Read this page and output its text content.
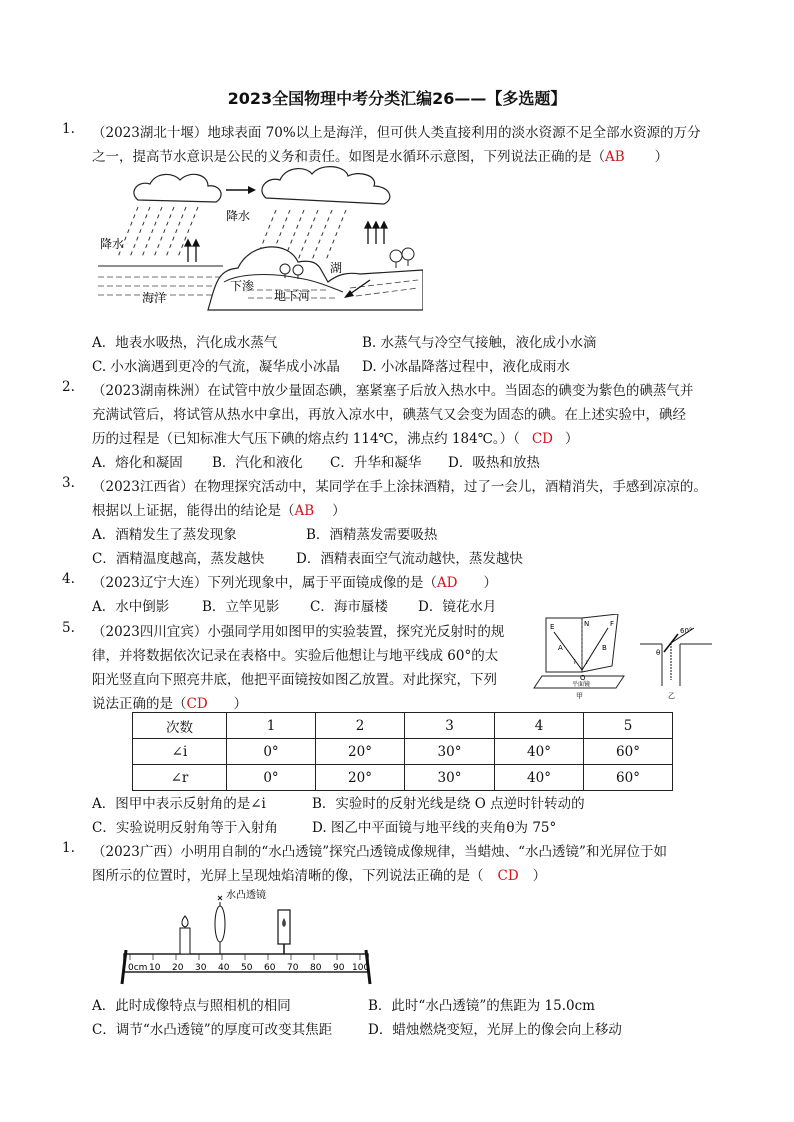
2023全国物理中考分类汇编26——【多选题】
1. （2023湖北十堰）地球表面 70%以上是海洋，但可供人类直接利用的淡水资源不足全部水资源的万分
之一，提高节水意识是公民的义务和责任。如图是水循环示意图，下列说法正确的是（AB ）
降水
降水
海洋
湖
下渗
地下河
A．地表水吸热，汽化成水蒸气	B. 水蒸气与冷空气接触，液化成小水滴
C. 小水滴遇到更冷的气流，凝华成小冰晶 D. 小冰晶降落过程中，液化成雨水
2. （2023湖南株洲）在试管中放少量固态碘，塞紧塞子后放入热水中。当固态的碘变为紫色的碘蒸气并
充满试管后，将试管从热水中拿出，再放入凉水中，碘蒸气又会变为固态的碘。在上述实验中，碘经
历的过程是（已知标准大气压下碘的熔点约 114℃，沸点约 184℃。）（ CD ）
A．熔化和凝固 B．汽化和液化 C．升华和凝华 D．吸热和放热
3. （2023江西省）在物理探究活动中，某同学在手上涂抹酒精，过了一会儿，酒精消失，手感到凉凉的。
根据以上证据，能得出的结论是（AB ）
A．酒精发生了蒸发现象	B．酒精蒸发需要吸热
C．酒精温度越高，蒸发越快 D．酒精表面空气流动越快，蒸发越快
4. （2023辽宁大连）下列光现象中，属于平面镜成像的是（AD ）
A．水中倒影 B．立竿见影 C．海市蜃楼 D．镜花水月
5. （2023四川宜宾）小强同学用如图甲的实验装置，探究光反射时的规
律，并将数据依次记录在表格中。实验后他想让与地平线成 60°的太
阳光竖直向下照亮井底，他把平面镜按如图乙放置。对此探究，下列
说法正确的是（CD ）
E	N	F
A	B
i r
O
平面镜
甲
60°
θ
乙
次数	1	2	3	4	5
∠i	0°	20°	30°	40°	60°
∠r	0°	20°	30°	40°	60°
A．图甲中表示反射角的是∠i	B．实验时的反射光线是绕 O 点逆时针转动的
C．实验说明反射角等于入射角	D. 图乙中平面镜与地平线的夹角θ为 75°
1. （2023广西）小明用自制的“水凸透镜”探究凸透镜成像规律，当蜡烛、“水凸透镜”和光屏位于如
图所示的位置时，光屏上呈现烛焰清晰的像，下列说法正确的是（ CD ）
水凸透镜
0cm 10 20 30 40 50 60 70 80 90 100
A．此时成像特点与照相机的相同	B．此时“水凸透镜”的焦距为 15.0cm
C．调节“水凸透镜”的厚度可改变其焦距	D．蜡烛燃烧变短，光屏上的像会向上移动
